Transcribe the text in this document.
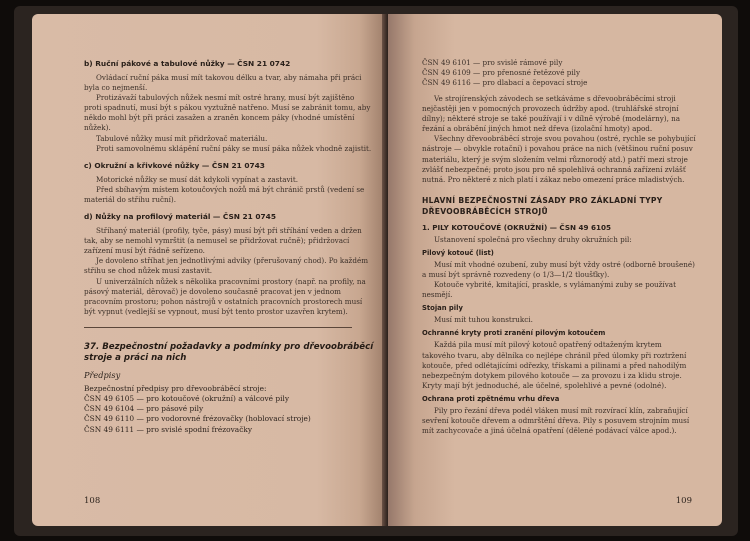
b) Ruční pákové a tabulové nůžky — ČSN 21 0742

Ovládací ruční páka musí mít takovou délku a tvar, aby námaha při práci byla co nejmenší.

Protizávaží tabulových nůžek nesmí mít ostré hrany, musí být zajištěno proti spadnutí, musí být s pákou vyztužně natřeno. Musí se zabránit tomu, aby někdo mohl být při práci zasažen a zraněn koncem páky (vhodné umístění nůžek).

Tabulové nůžky musí mít přidržovač materiálu.

Proti samovolnému sklápění ruční páky se musí páka nůžek vhodně zajistit.

c) Okružní a křivkové nůžky — ČSN 21 0743

Motorické nůžky se musí dát kdykoli vypínat a zastavit.

Před sbíhavým místem kotoučových nožů má být chránič prstů (vedení se materiál do střihu ruční).

d) Nůžky na profilový materiál — ČSN 21 0745

Stříhaný materiál (profily, tyče, pásy) musí být při stříhání veden a držen tak, aby se nemohl vymrštit (a nemusel se přidržovat ručně); přidržovací zařízení musí být řádně seřízeno.

Je dovoleno stříhat jen jednotlivými adviky (přerušovaný chod). Po každém střihu se chod nůžek musí zastavit.

U univerzálních nůžek s několika pracovními prostory (např. na profily, na pásový materiál, děrovač) je dovoleno současně pracovat jen v jednom pracovním prostoru; pohon nástrojů v ostatních pracovních prostorech musí být vypnut (vedlejší se vypnout, musí být tento prostor uzavřen krytem).

37. Bezpečnostní požadavky a podmínky pro dřevoobráběcí stroje a práci na nich
Předpisy

Bezpečnostní předpisy pro dřevoobráběcí stroje:

ČSN 49 6105 — pro kotoučové (okružní) a válcové pily
ČSN 49 6104 — pro pásové pily
ČSN 49 6110 — pro vodorovné frézovačky (hoblovací stroje)
ČSN 49 6111 — pro svislé spodní frézovačky
108
ČSN 49 6101 — pro svislé rámové pily
ČSN 49 6109 — pro přenosné řetězové pily
ČSN 49 6116 — pro dlabací a čepovací stroje

Ve strojírenských závodech se setkáváme s dřevoobráběcími stroji nejčastěji jen v pomocných provozech údržby apod. (truhlářské strojní dílny); některé stroje se také používají i v dílně výrobě (modelárny), na řezání a obrábění jiných hmot než dřeva (izolační hmoty) apod.

Všechny dřevoobráběcí stroje svou povahou (ostré, rychle se pohybující nástroje — obvykle rotační) i povahou práce na nich (většinou ruční posuv materiálu, který je svým složením velmi různorodý atd.) patří mezi stroje zvlášť nebezpečné; proto jsou pro ně spolehlivá ochranná zařízení zvlášť nutná. Pro některé z nich platí i zákaz nebo omezení práce mladistvých.

HLAVNÍ BEZPEČNOSTNÍ ZÁSADY PRO ZÁKLADNÍ TYPY DŘEVOOBRÁBĚCÍCH STROJŮ
1. PILY KOTOUČOVÉ (OKRUŽNÍ) — ČSN 49 6105

Ustanovení společná pro všechny druhy okružních pil:

Pilový kotouč (list)

Musí mít vhodné ozubení, zuby musí být vždy ostré (odborně broušené) a musí být správně rozvedeny (o 1/3—1/2 tloušťky).

Kotouče vybrité, kmitající, praskle, s vylámanými zuby se používat nesmějí.

Stojan pily

Musí mít tuhou konstrukci.

Ochranné kryty proti zranění pilovým kotoučem

Každá pila musí mít pilový kotouč opatřený odtaženým krytem takového tvaru, aby dělníka co nejlépe chránil před úlomky při roztržení kotouče, před odlétajícími odřezky, třískami a pilinami a před nahodilým nebezpečným dotykem pilového kotouče — za provozu i za klidu stroje. Kryty mají být jednoduché, ale účelné, spolehlivé a pevné (odolné).

Ochrana proti zpětnému vrhu dřeva

Pily pro řezání dřeva podél vláken musí mít rozvírací klín, zabraňující sevření kotouče dřevem a odmrštění dřeva. Pily s posuvem strojním musí mít zachycovače a jiná účelná opatření (dělené podávací válce apod.).

109
